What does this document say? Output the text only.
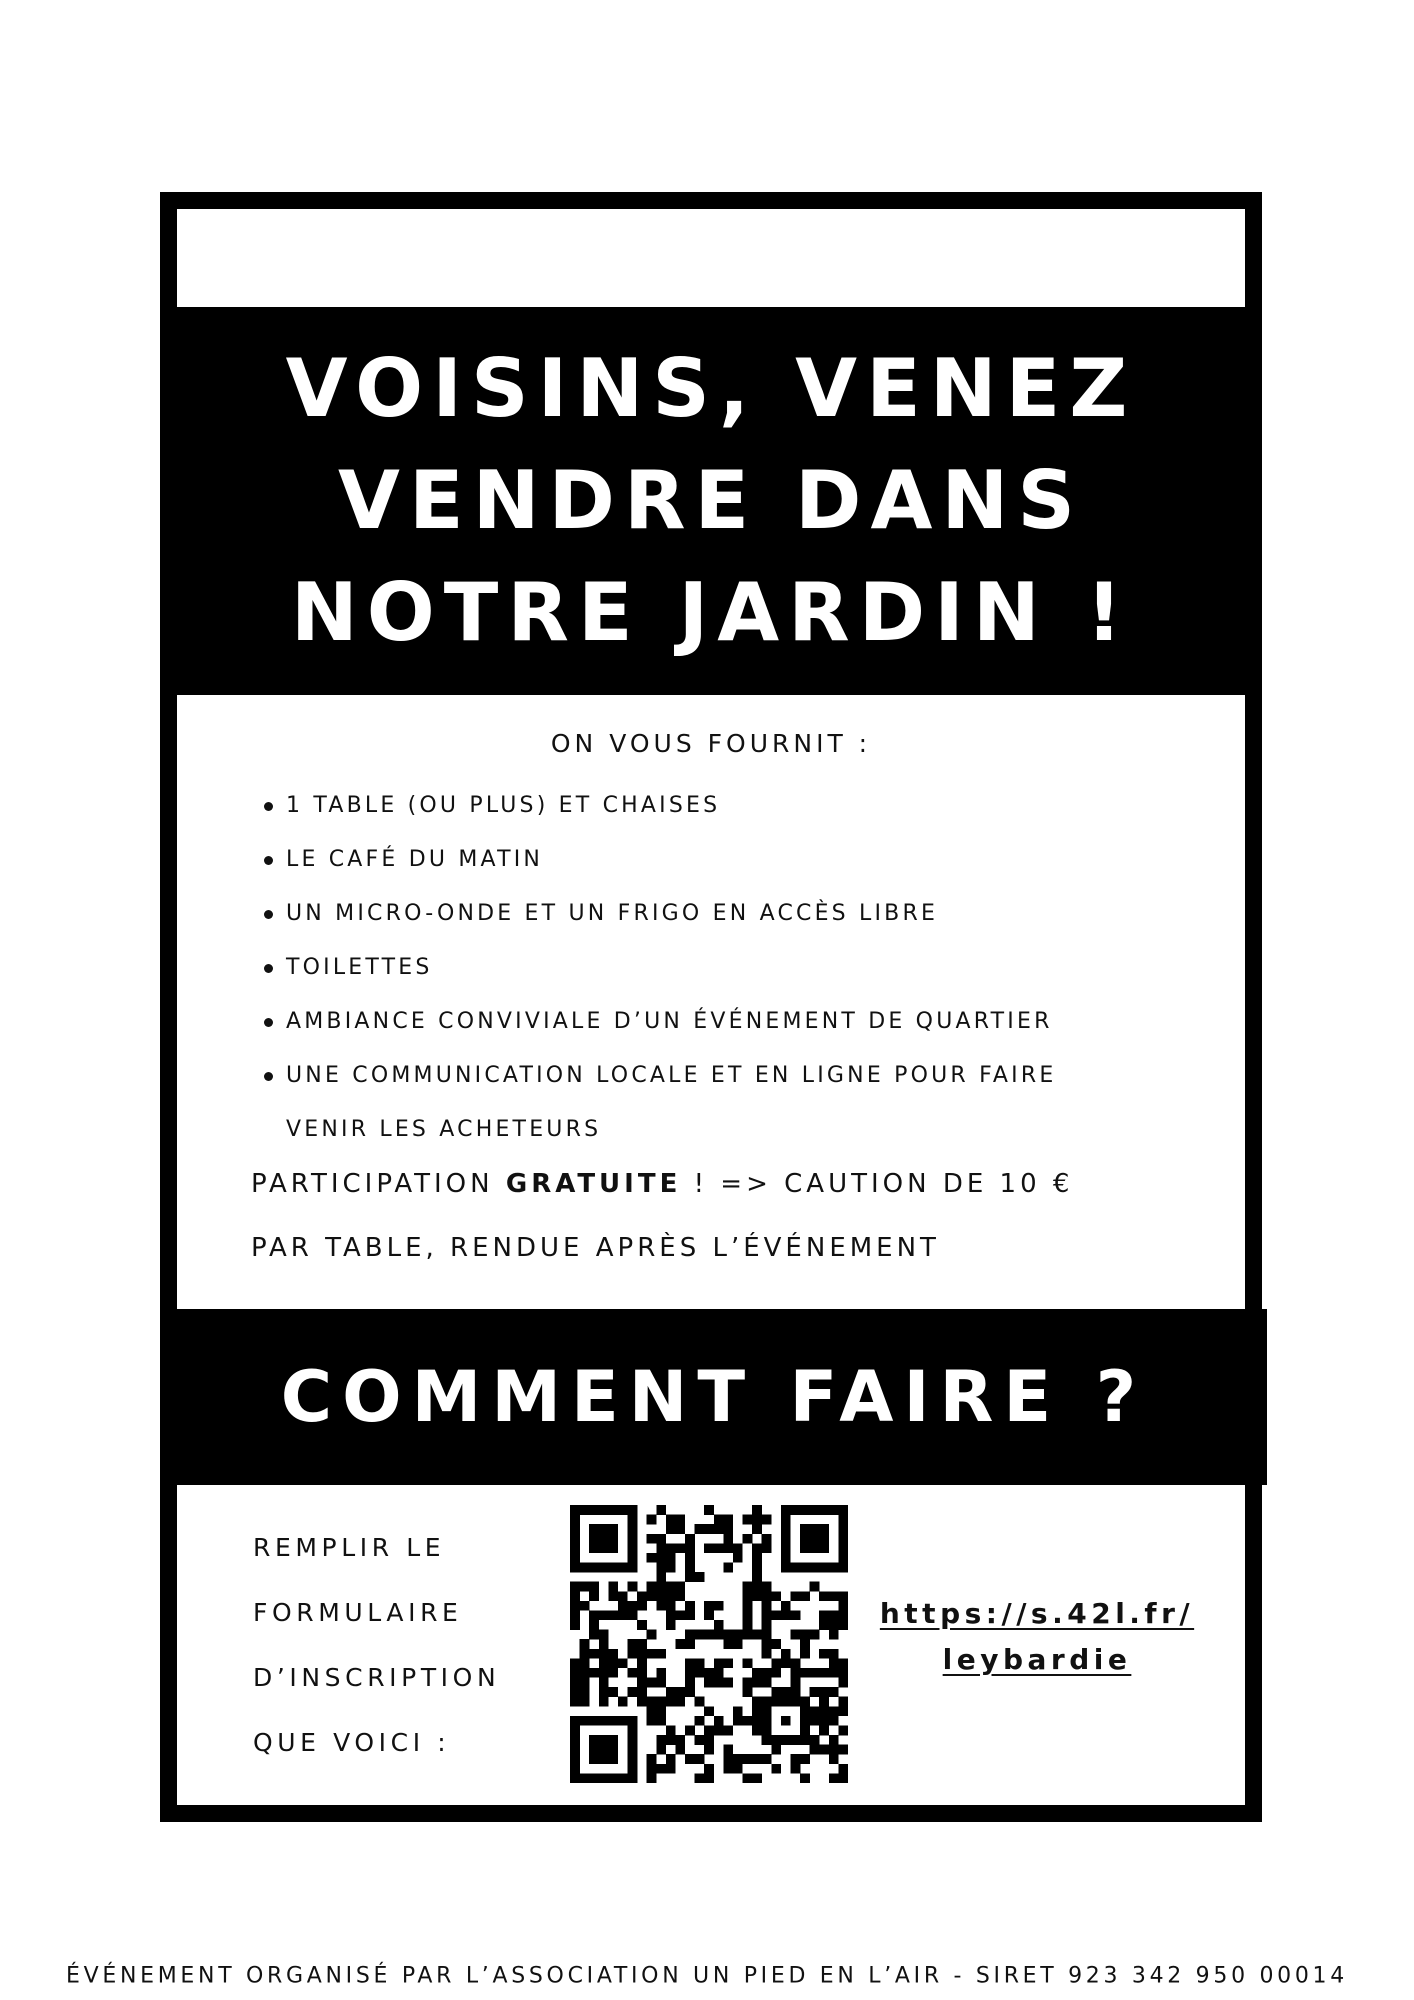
VOISINS, VENEZ
VENDRE DANS
NOTRE JARDIN !
ON VOUS FOURNIT :
1 TABLE (OU PLUS) ET CHAISES
LE CAFÉ DU MATIN
UN MICRO-ONDE ET UN FRIGO EN ACCÈS LIBRE
TOILETTES
AMBIANCE CONVIVIALE D’UN ÉVÉNEMENT DE QUARTIER
UNE COMMUNICATION LOCALE ET EN LIGNE POUR FAIRE
VENIR LES ACHETEURS
PARTICIPATION GRATUITE ! => CAUTION DE 10 €
PAR TABLE, RENDUE APRÈS L’ÉVÉNEMENT
COMMENT FAIRE ?
REMPLIR LE
FORMULAIRE
D’INSCRIPTION
QUE VOICI :
https://s.42l.fr/
leybardie
ÉVÉNEMENT ORGANISÉ PAR L’ASSOCIATION UN PIED EN L’AIR - SIRET 923 342 950 00014
